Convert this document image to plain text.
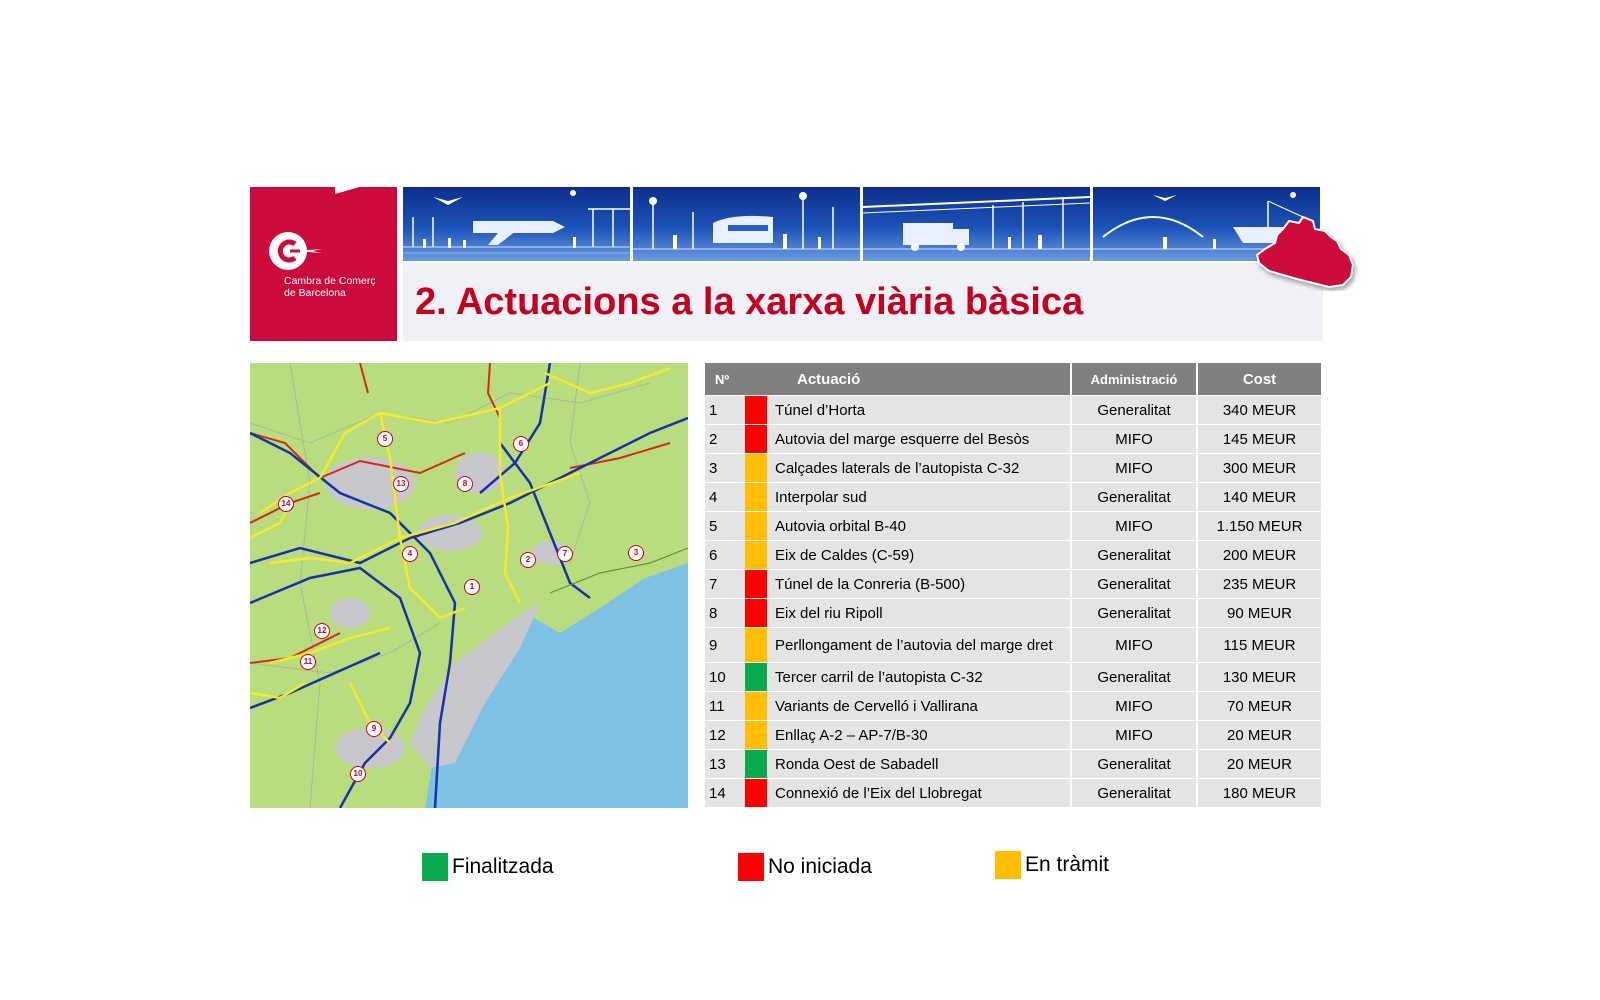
Cambra de Comerç
de Barcelona	2. Actuacions a la xarxa viària bàsica
Nº		Actuació	Administració	Cost
1		Túnel d’Horta	Generalitat	340 MEUR
2		Autovia del marge esquerre del Besòs	MIFO	145 MEUR
3		Calçades laterals de l’autopista C-32	MIFO	300 MEUR
4		Interpolar sud	Generalitat	140 MEUR
5		Autovia orbital B-40	MIFO	1.150 MEUR
6		Eix de Caldes (C-59)	Generalitat	200 MEUR
7		Túnel de la Conreria (B-500)	Generalitat	235 MEUR
8		Eix del riu Ripoll	Generalitat	90 MEUR
9		Perllongament de l’autovia del marge dret	MIFO	115 MEUR
10		Tercer carril de l’autopista C-32	Generalitat	130 MEUR
11		Variants de Cervelló i Vallirana	MIFO	70 MEUR
12		Enllaç A-2 – AP-7/B-30	MIFO	20 MEUR
13		Ronda Oest de Sabadell	Generalitat	20 MEUR
14		Connexió de l’Eix del Llobregat	Generalitat	180 MEUR
Finalitzada	No iniciada	En tràmit
1
2
3
4
5
6
7
8
9
10
11
12
13
14
